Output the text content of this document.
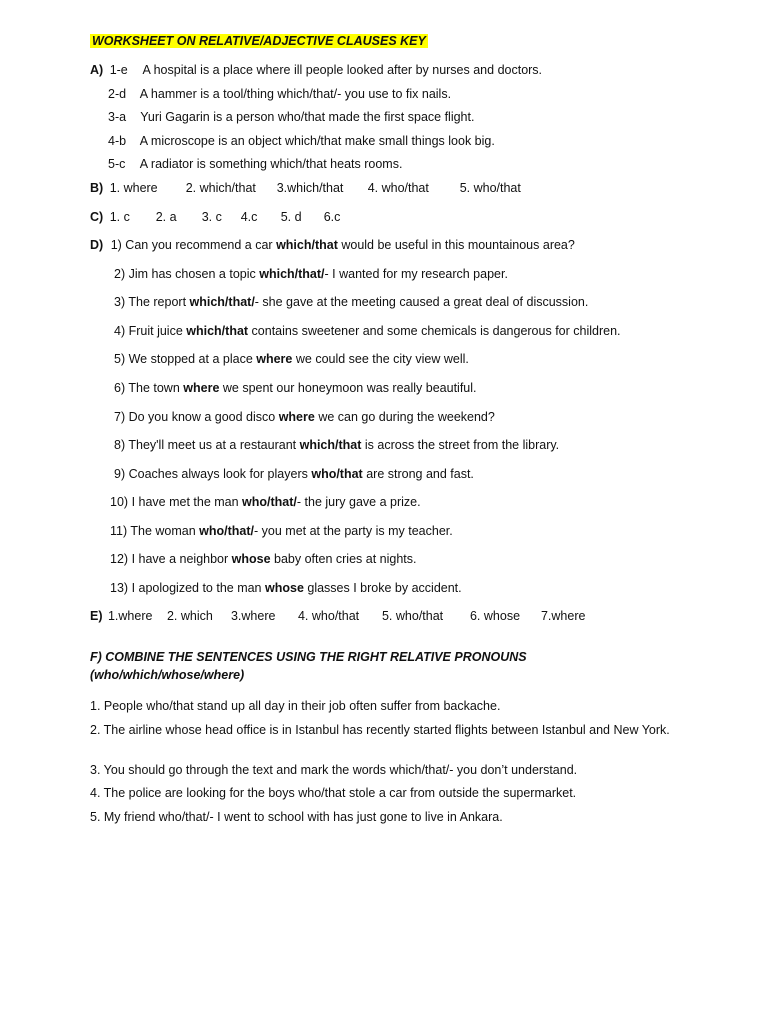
WORKSHEET ON RELATIVE/ADJECTIVE CLAUSES KEY
A) 1-e A hospital is a place where ill people looked after by nurses and doctors.
2-d A hammer is a tool/thing which/that/- you use to fix nails.
3-a Yuri Gagarin is a person who/that made the first space flight.
4-b A microscope is an object which/that make small things look big.
5-c A radiator is something which/that heats rooms.
B) 1. where 2. which/that 3.which/that 4. who/that 5. who/that
C) 1. c 2. a 3. c 4.c 5. d 6.c
D) 1) Can you recommend a car which/that would be useful in this mountainous area?
2) Jim has chosen a topic which/that/- I wanted for my research paper.
3) The report which/that/- she gave at the meeting caused a great deal of discussion.
4) Fruit juice which/that contains sweetener and some chemicals is dangerous for children.
5) We stopped at a place where we could see the city view well.
6) The town where we spent our honeymoon was really beautiful.
7) Do you know a good disco where we can go during the weekend?
8) They'll meet us at a restaurant which/that is across the street from the library.
9) Coaches always look for players who/that are strong and fast.
10) I have met the man who/that/- the jury gave a prize.
11) The woman who/that/- you met at the party is my teacher.
12) I have a neighbor whose baby often cries at nights.
13) I apologized to the man whose glasses I broke by accident.
E) 1.where 2. which 3.where 4. who/that 5. who/that 6. whose 7.where
F) COMBINE THE SENTENCES USING THE RIGHT RELATIVE PRONOUNS
(who/which/whose/where)
1. People who/that stand up all day in their job often suffer from backache.
2. The airline whose head office is in Istanbul has recently started flights between Istanbul and New York.
3. You should go through the text and mark the words which/that/- you don’t understand.
4. The police are looking for the boys who/that stole a car from outside the supermarket.
5. My friend who/that/- I went to school with has just gone to live in Ankara.
